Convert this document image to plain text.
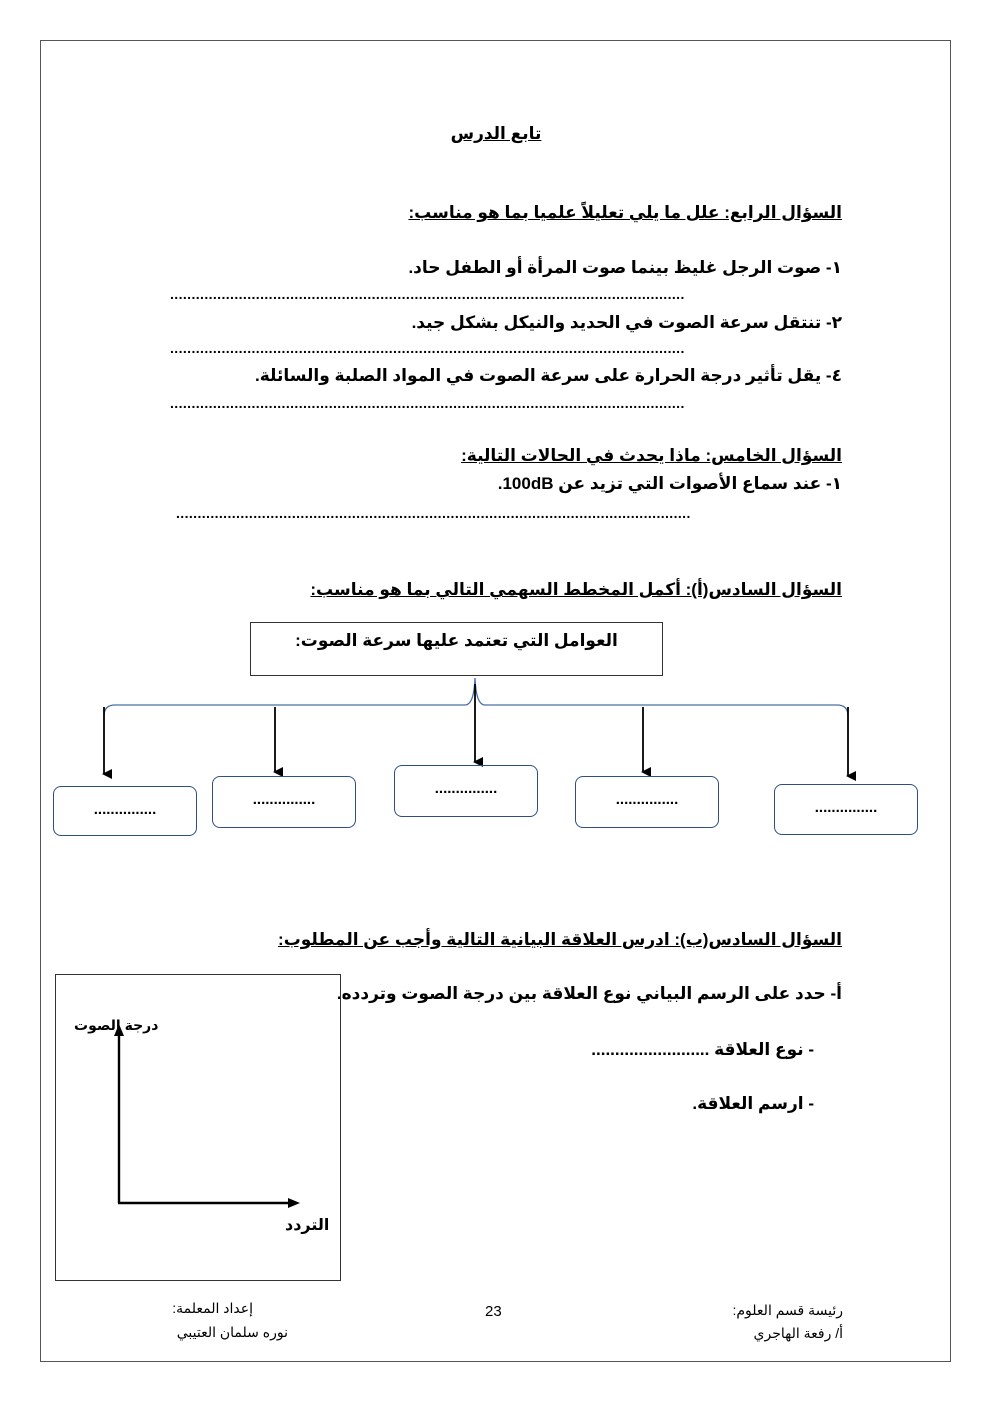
تابع الدرس
السؤال الرابع: علل ما يلي تعليلاً علميا بما هو مناسب:
١- صوت الرجل غليظ بينما صوت المرأة أو الطفل حاد.
........................................................................................................................
٢- تنتقل سرعة الصوت في الحديد والنيكل بشكل جيد.
........................................................................................................................
٤- يقل تأثير درجة الحرارة على سرعة الصوت في المواد الصلبة والسائلة.
........................................................................................................................
السؤال الخامس: ماذا يحدث في الحالات التالية:
١- عند سماع الأصوات التي تزيد عن 100dB.
........................................................................................................................
السؤال السادس(أ): أكمل المخطط السهمي التالي بما هو مناسب:
العوامل التي تعتمد عليها سرعة الصوت:
...............
...............
...............
...............	...............
السؤال السادس(ب): ادرس العلاقة البيانية التالية وأجب عن المطلوب:
أ- حدد على الرسم البياني نوع العلاقة بين درجة الصوت وتردده.
- نوع العلاقة .........................
- ارسم العلاقة.
درجة الصوت
التردد
رئيسة قسم العلوم:
أ/ رفعة الهاجري
23
إعداد المعلمة:
نوره سلمان العتيبي
